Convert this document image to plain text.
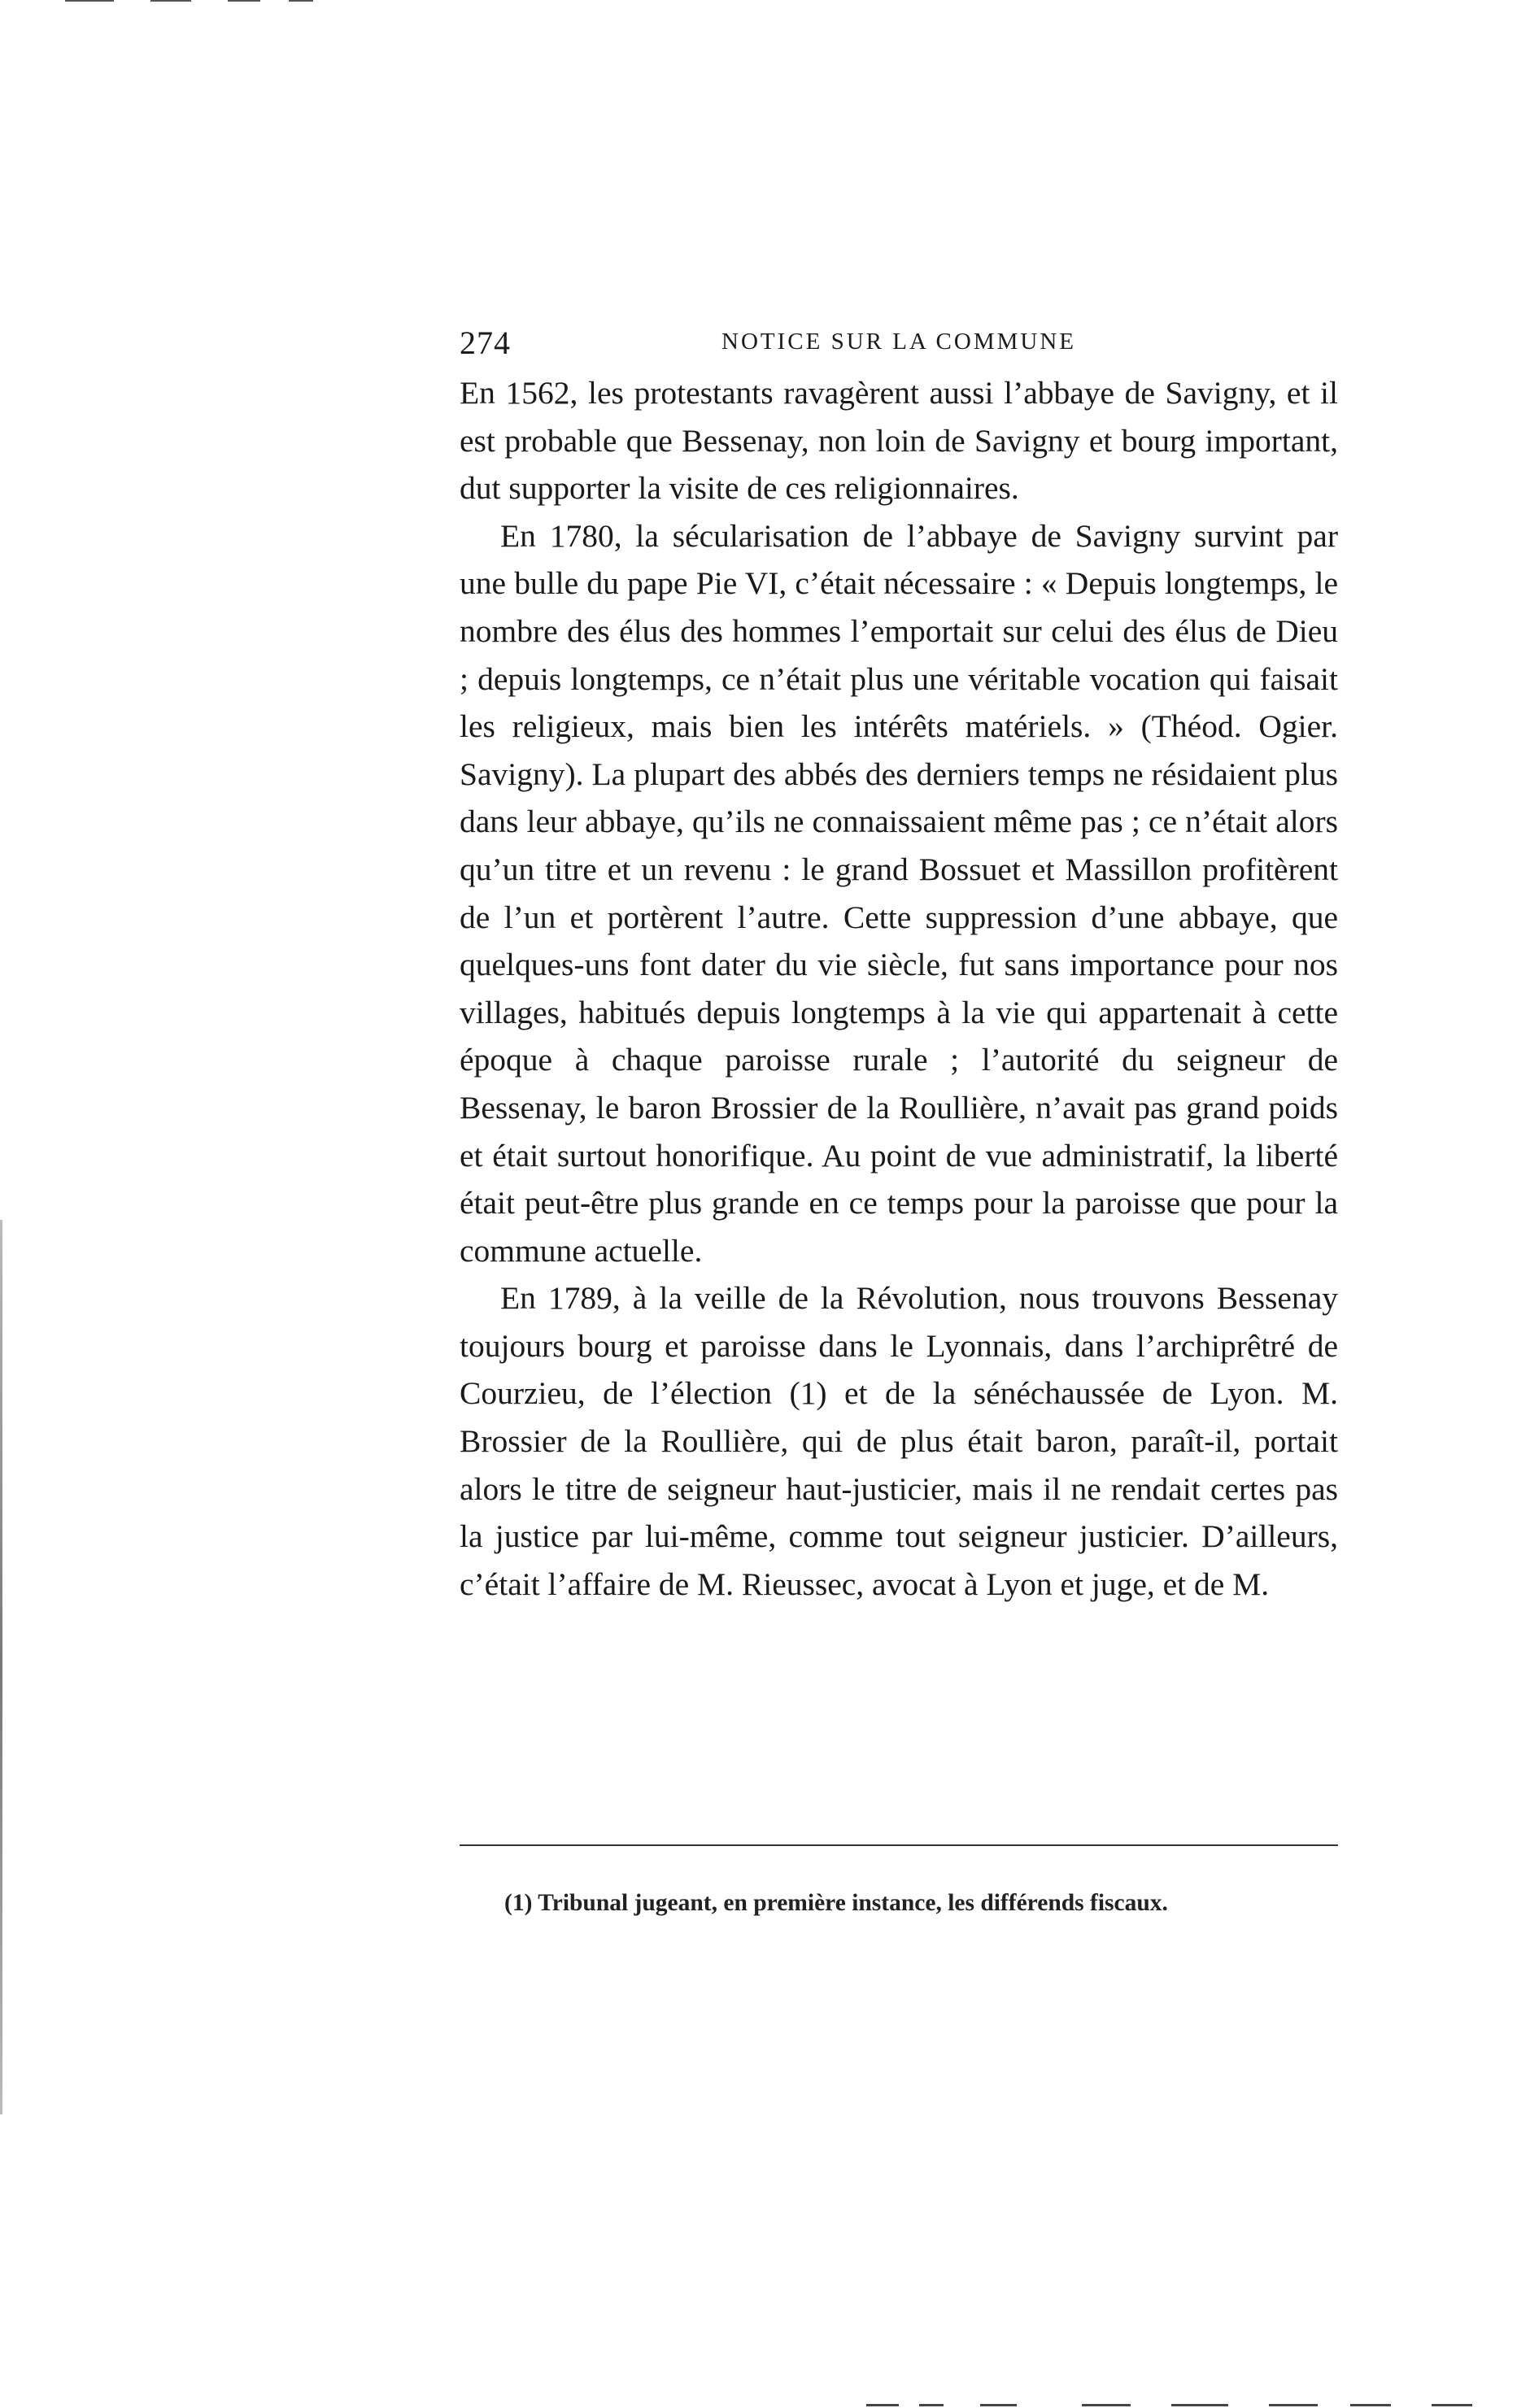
274	NOTICE SUR LA COMMUNE

En 1562, les protestants ravagèrent aussi l’abbaye de Savigny, et il est probable que Bessenay, non loin de Savigny et bourg important, dut supporter la visite de ces religionnaires.

En 1780, la sécularisation de l’abbaye de Savigny survint par une bulle du pape Pie VI, c’était nécessaire : « Depuis longtemps, le nombre des élus des hommes l’emportait sur celui des élus de Dieu ; depuis longtemps, ce n’était plus une véritable vocation qui faisait les religieux, mais bien les intérêts matériels. » (Théod. Ogier. Savigny). La plupart des abbés des derniers temps ne résidaient plus dans leur abbaye, qu’ils ne connaissaient même pas ; ce n’était alors qu’un titre et un revenu : le grand Bossuet et Massillon profitèrent de l’un et portèrent l’autre. Cette suppression d’une abbaye, que quelques-uns font dater du vie siècle, fut sans importance pour nos villages, habitués depuis longtemps à la vie qui appartenait à cette époque à chaque paroisse rurale ; l’autorité du seigneur de Bessenay, le baron Brossier de la Roullière, n’avait pas grand poids et était surtout honorifique. Au point de vue administratif, la liberté était peut-être plus grande en ce temps pour la paroisse que pour la commune actuelle.

En 1789, à la veille de la Révolution, nous trouvons Bessenay toujours bourg et paroisse dans le Lyonnais, dans l’archiprêtré de Courzieu, de l’élection (1) et de la sénéchaussée de Lyon. M. Brossier de la Roullière, qui de plus était baron, paraît-il, portait alors le titre de seigneur haut-justicier, mais il ne rendait certes pas la justice par lui-même, comme tout seigneur justicier. D’ailleurs, c’était l’affaire de M. Rieussec, avocat à Lyon et juge, et de M.

(1) Tribunal jugeant, en première instance, les différends fiscaux.
